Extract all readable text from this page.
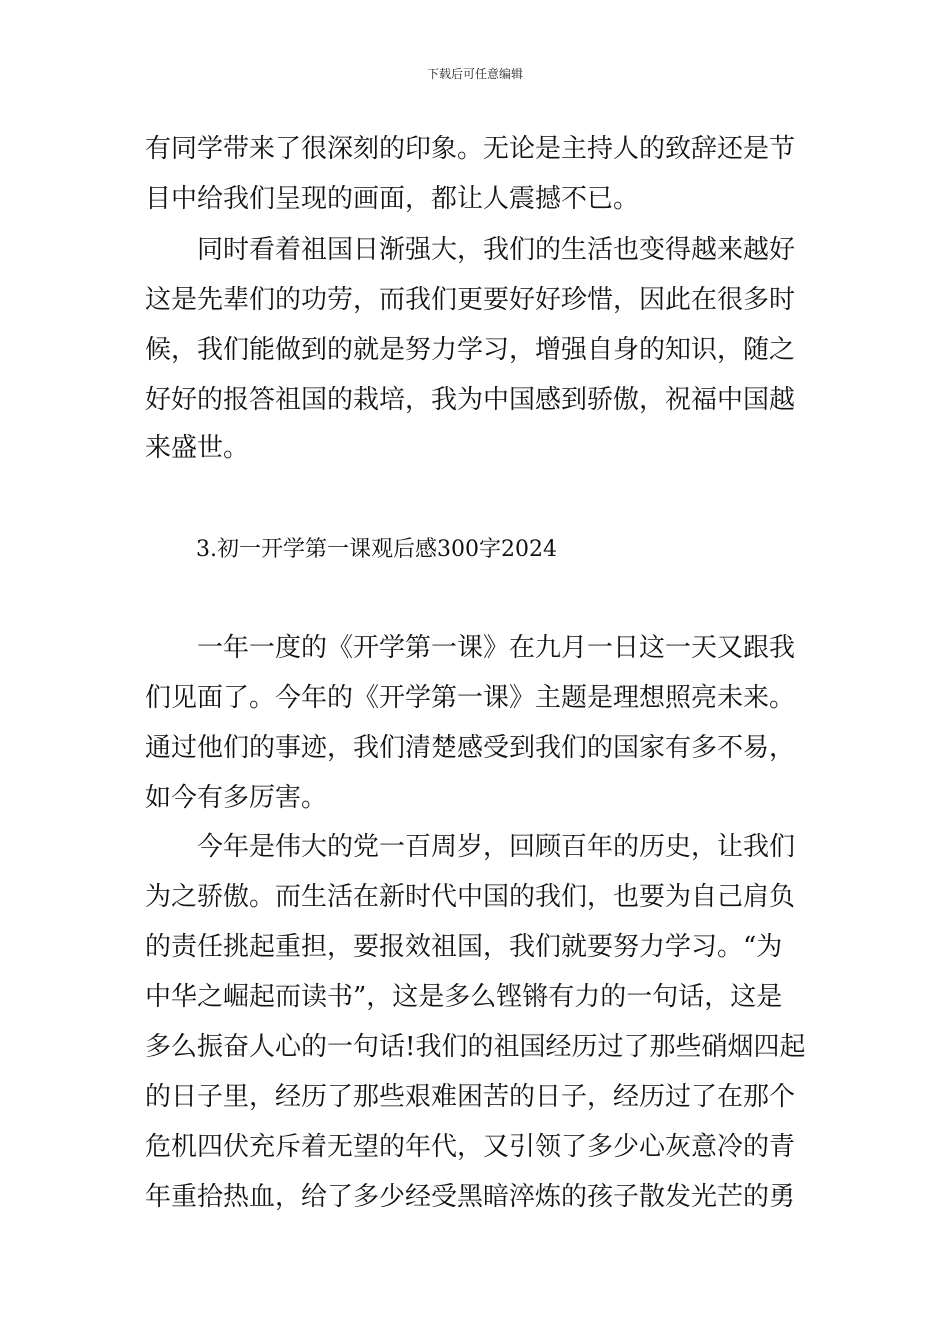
下载后可任意编辑
有同学带来了很深刻的印象。无论是主持人的致辞还是节
目中给我们呈现的画面，都让人震撼不已。
　　同时看着祖国日渐强大，我们的生活也变得越来越好
这是先辈们的功劳，而我们更要好好珍惜，因此在很多时
候，我们能做到的就是努力学习，增强自身的知识，随之
好好的报答祖国的栽培，我为中国感到骄傲，祝福中国越
来盛世。
3.初一开学第一课观后感300字2024
　　一年一度的《开学第一课》在九月一日这一天又跟我
们见面了。今年的《开学第一课》主题是理想照亮未来。
通过他们的事迹，我们清楚感受到我们的国家有多不易，
如今有多厉害。
　　今年是伟大的党一百周岁，回顾百年的历史，让我们
为之骄傲。而生活在新时代中国的我们，也要为自己肩负
的责任挑起重担，要报效祖国，我们就要努力学习。“为
中华之崛起而读书”，这是多么铿锵有力的一句话，这是
多么振奋人心的一句话!我们的祖国经历过了那些硝烟四起
的日子里，经历了那些艰难困苦的日子，经历过了在那个
危机四伏充斥着无望的年代，又引领了多少心灰意冷的青
年重拾热血，给了多少经受黑暗淬炼的孩子散发光芒的勇
